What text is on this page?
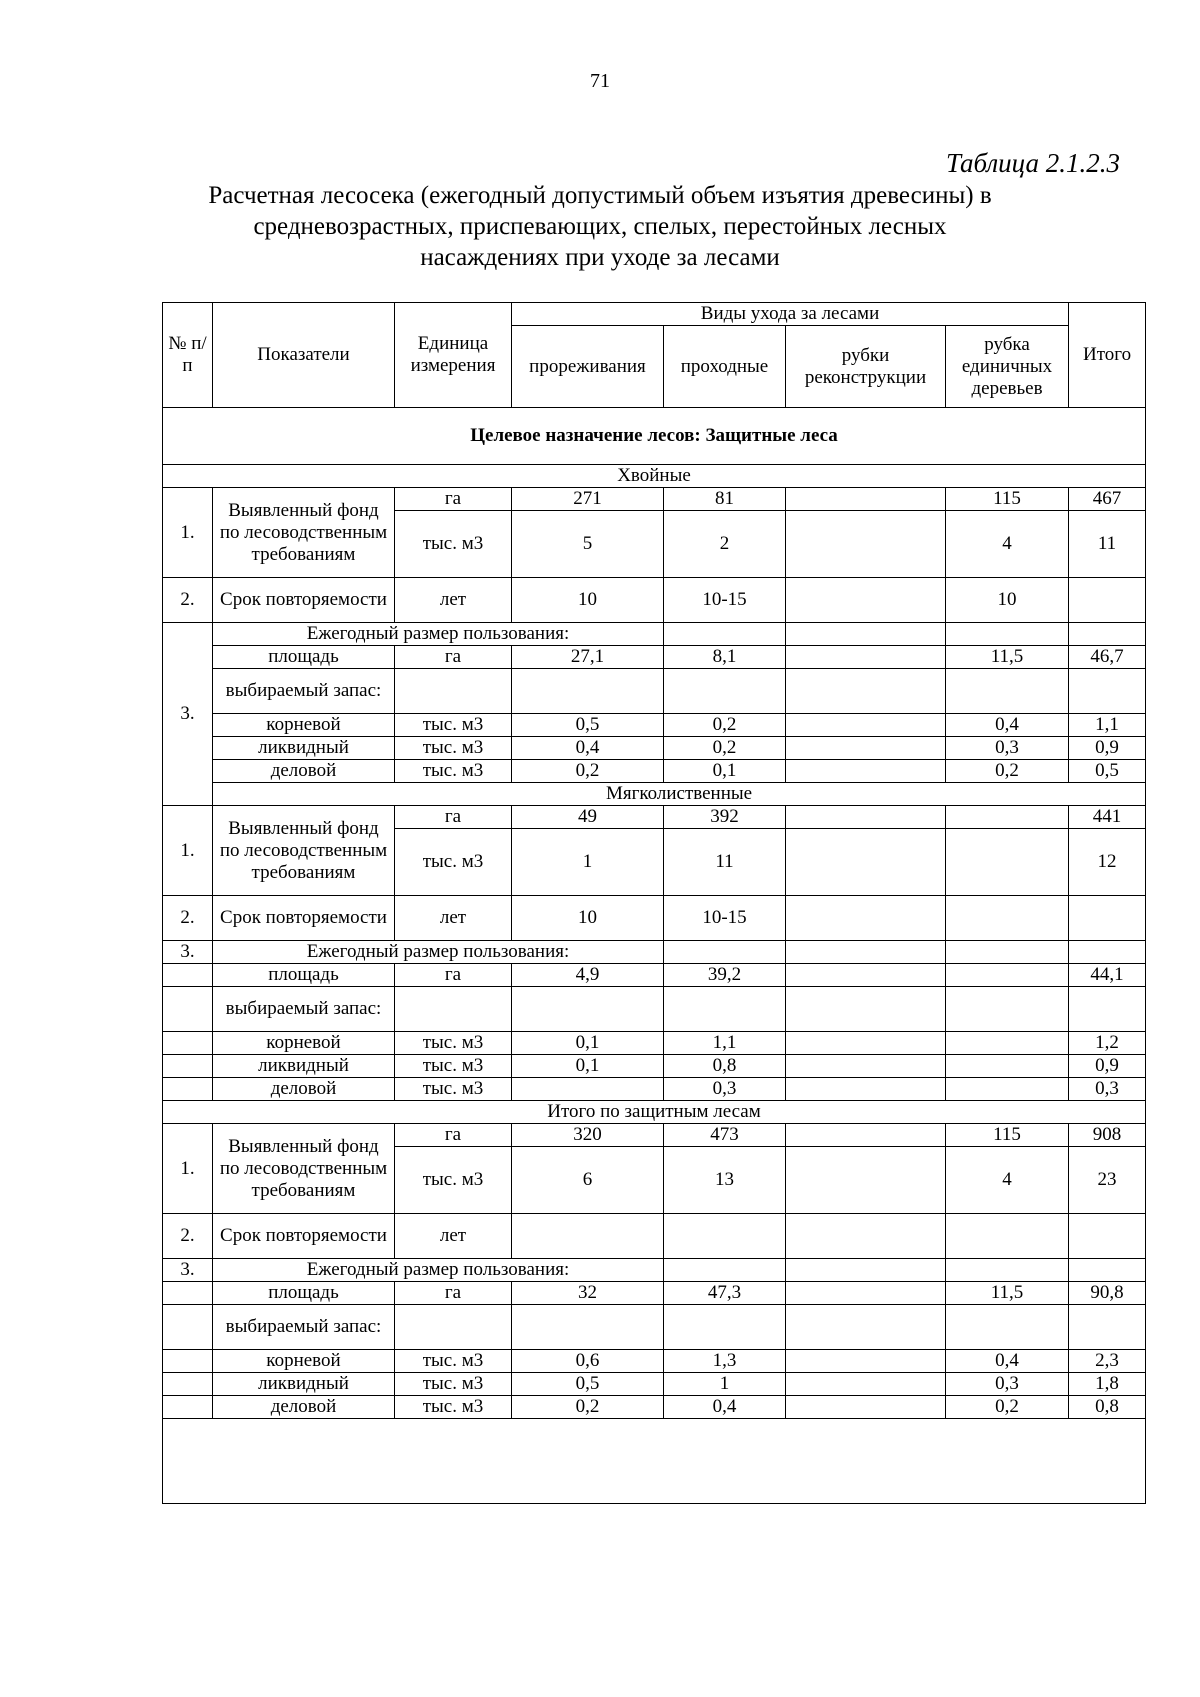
71
Таблица 2.1.2.3
Расчетная лесосека (ежегодный допустимый объем изъятия древесины) в
средневозрастных, приспевающих, спелых, перестойных лесных
насаждениях при уходе за лесами
№ п/п	Показатели	Единица измерения	Виды ухода за лесами				Итого
			прореживания	проходные	рубки реконструкции	рубка единичных деревьев	
Целевое назначение лесов: Защитные леса							
Хвойные							
1.	Выявленный фонд по лесоводственным требованиям	га	271	81		115	467
		тыс. м3	5	2		4	11
2.	Срок повторяемости	лет	10	10-15		10	
3.	Ежегодный размер пользования:						
	площадь	га	27,1	8,1		11,5	46,7
	выбираемый запас:						
	корневой	тыс. м3	0,5	0,2		0,4	1,1
	ликвидный	тыс. м3	0,4	0,2		0,3	0,9
	деловой	тыс. м3	0,2	0,1		0,2	0,5
	Мягколиственные						
1.	Выявленный фонд по лесоводственным требованиям	га	49	392			441
		тыс. м3	1	11			12
2.	Срок повторяемости	лет	10	10-15			
3.	Ежегодный размер пользования:						
	площадь	га	4,9	39,2			44,1
	выбираемый запас:						
	корневой	тыс. м3	0,1	1,1			1,2
	ликвидный	тыс. м3	0,1	0,8			0,9
	деловой	тыс. м3		0,3			0,3
Итого по защитным лесам							
1.	Выявленный фонд по лесоводственным требованиям	га	320	473		115	908
		тыс. м3	6	13		4	23
2.	Срок повторяемости	лет					
3.	Ежегодный размер пользования:						
	площадь	га	32	47,3		11,5	90,8
	выбираемый запас:						
	корневой	тыс. м3	0,6	1,3		0,4	2,3
	ликвидный	тыс. м3	0,5	1		0,3	1,8
	деловой	тыс. м3	0,2	0,4		0,2	0,8
